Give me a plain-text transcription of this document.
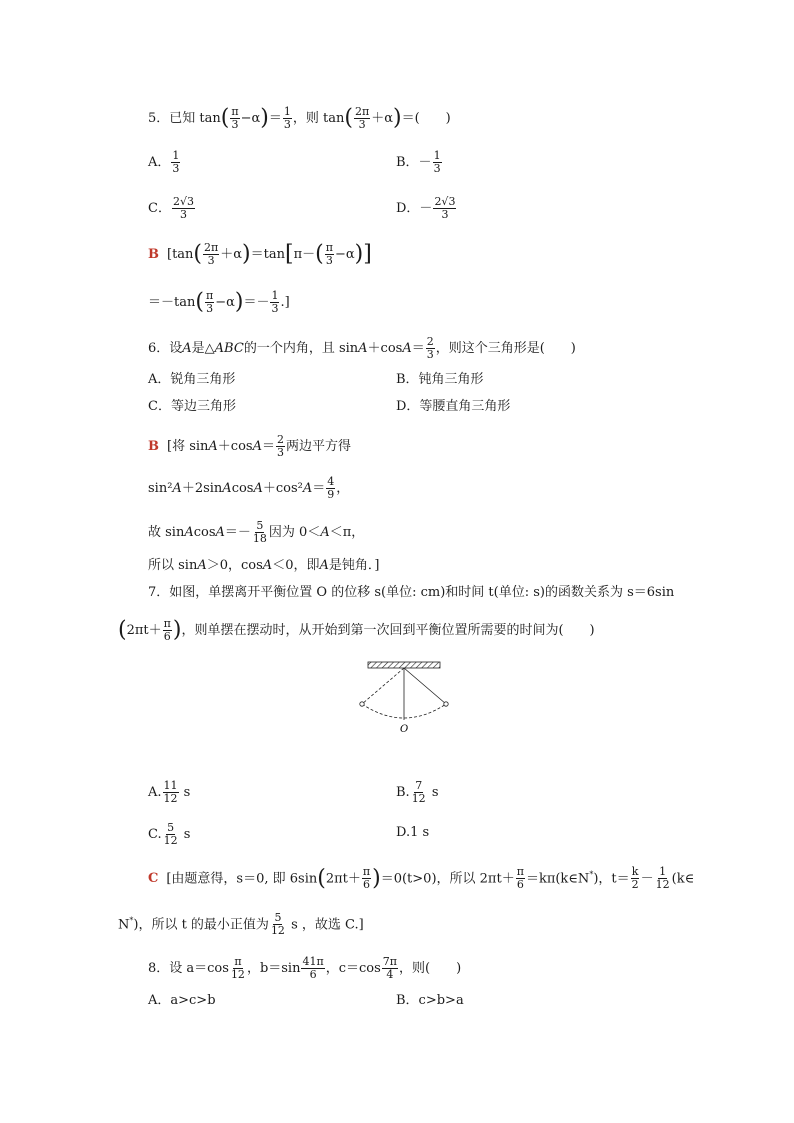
5．已知 $\tan( \frac{\pi}{3} -\alpha)= \frac{1}{3}$ ，则 $\tan( \frac{2\pi}{3} +\alpha)=$(　　)
A． $\frac{1}{3}$	B．－ $\frac{1}{3}$
C． $\frac{2√3}{3}$	D．－ $\frac{2√3}{3}$
B [$\tan( \frac{2\pi}{3} +\alpha)=\tan[\pi-( \frac{\pi}{3} -\alpha)]$
$=-\tan( \frac{\pi}{3} -\alpha)=- \frac{1}{3}$ .]
6．设A是△ABC的一个内角，且 $\sin A+\cos A= \frac{2}{3}$ ，则这个三角形是(　　)
A．锐角三角形	B．钝角三角形
C．等边三角形	D．等腰直角三角形
B [将 $\sin A+\cos A= \frac{2}{3}$ 两边平方得
sin²A＋2sinAcosA＋cos²A＝ $\frac{4}{9}$ ，
故 sinAcosA＝－ $\frac{5}{18}$ 因为 0＜A＜π，
所以 sinA＞0，cosA＜0，即A是钝角．]
7．如图，单摆离开平衡位置 O 的位移 s(单位: cm)和时间 t(单位: s)的函数关系为 s＝6sin
($2\pi t+ \frac{\pi}{6}$ )，则单摆在摆动时，从开始到第一次回到平衡位置所需要的时间为(　　)
O
A. $\frac{11}{12}$ s	B. $\frac{7}{12}$ s
C. $\frac{5}{12}$ s	D.1 s
C [由题意得，s＝0, 即 $6\sin(2\pi t+ \frac{\pi}{6} )=0(t>0)$，所以 $2\pi t+ \frac{\pi}{6}$ ＝kπ(k∈N*)，$t= \frac{k}{2} - \frac{1}{12}$ (k∈
N*)，所以 t 的最小正值为 $\frac{5}{12}$ s ，故选 C.]
8．设 $a=\cos \frac{\pi}{12}$ ，$b=\sin \frac{41\pi}{6}$ ，$c=\cos \frac{7\pi}{4}$ ，则(　　)
A．a>c>b	B．c>b>a
